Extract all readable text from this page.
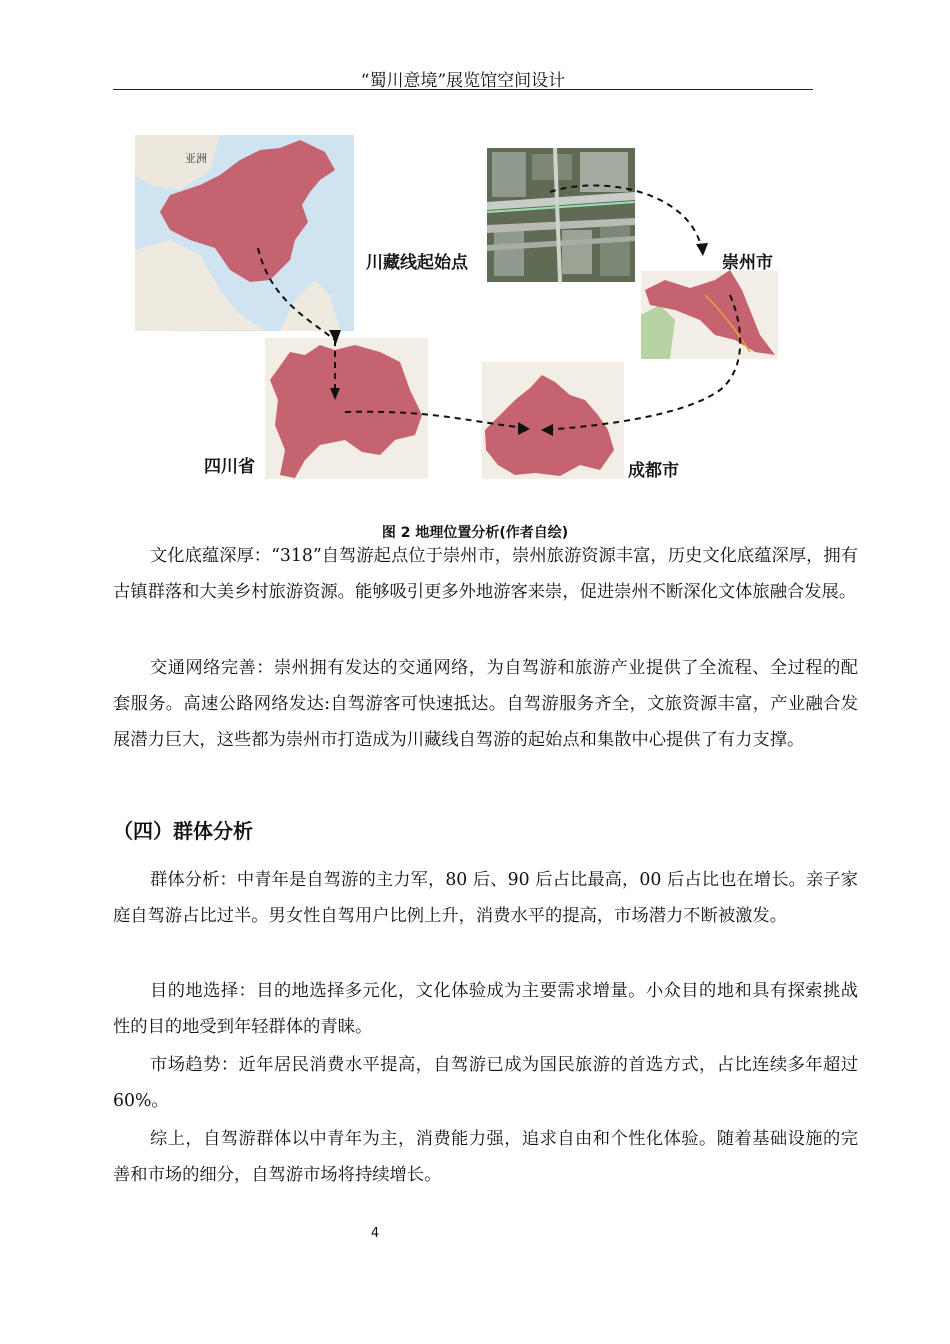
“蜀川意境”展览馆空间设计
亚洲
川藏线起始点	崇州市
四川省	成都市
图 2 地理位置分析(作者自绘)
文化底蕴深厚：“318”自驾游起点位于崇州市，崇州旅游资源丰富，历史文化底蕴深厚，拥有古镇群落和大美乡村旅游资源。能够吸引更多外地游客来崇，促进崇州不断深化文体旅融合发展。
交通网络完善：崇州拥有发达的交通网络，为自驾游和旅游产业提供了全流程、全过程的配套服务。高速公路网络发达:自驾游客可快速抵达。自驾游服务齐全，文旅资源丰富，产业融合发展潜力巨大，这些都为崇州市打造成为川藏线自驾游的起始点和集散中心提供了有力支撑。
（四）群体分析
群体分析：中青年是自驾游的主力军，80 后、90 后占比最高，00 后占比也在增长。亲子家庭自驾游占比过半。男女性自驾用户比例上升，消费水平的提高，市场潜力不断被激发。
目的地选择：目的地选择多元化，文化体验成为主要需求增量。小众目的地和具有探索挑战性的目的地受到年轻群体的青睐。
市场趋势：近年居民消费水平提高，自驾游已成为国民旅游的首选方式，占比连续多年超过 60%。
综上，自驾游群体以中青年为主，消费能力强，追求自由和个性化体验。随着基础设施的完善和市场的细分，自驾游市场将持续增长。
4
